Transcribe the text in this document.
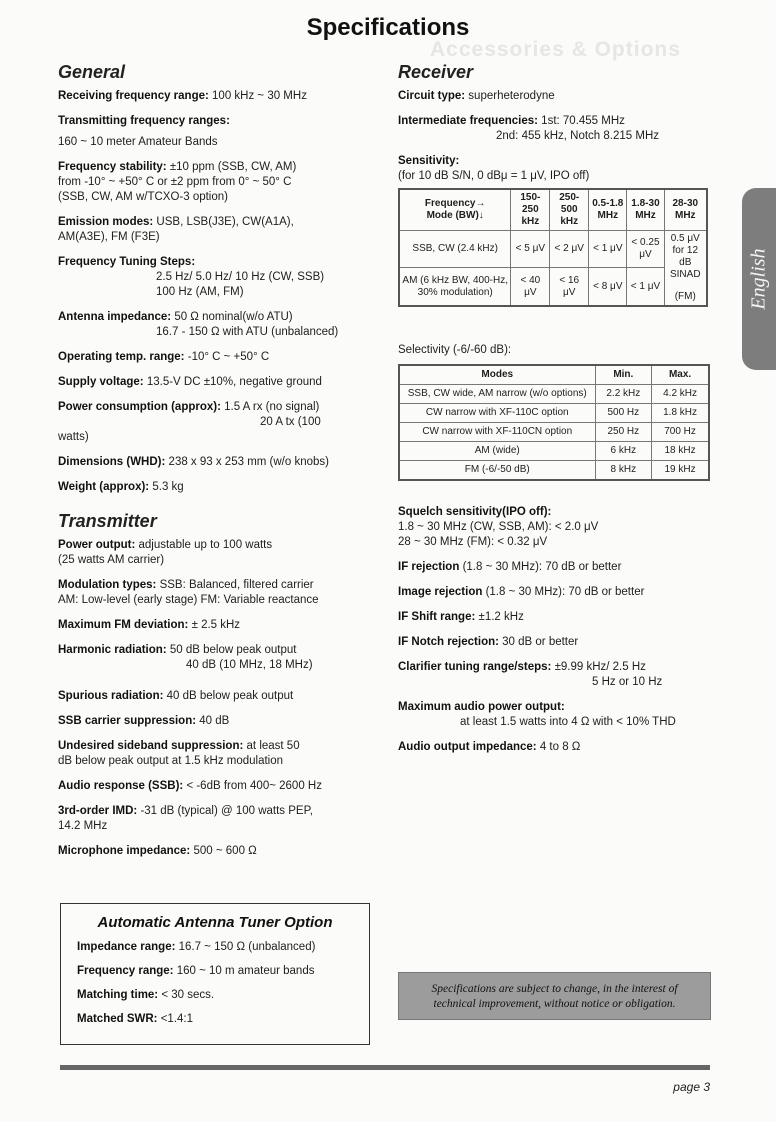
Accessories & Options
Specifications
English
General
Receiving frequency range: 100 kHz ~ 30 MHz
Transmitting frequency ranges:
160 ~ 10 meter Amateur Bands
Frequency stability: ±10 ppm (SSB, CW, AM)
from -10° ~ +50° C or ±2 ppm from 0° ~ 50° C
(SSB, CW, AM w/TCXO-3 option)
Emission modes: USB, LSB(J3E), CW(A1A),
AM(A3E), FM (F3E)
Frequency Tuning Steps:
2.5 Hz/ 5.0 Hz/ 10 Hz (CW, SSB)
100 Hz (AM, FM)
Antenna impedance: 50 Ω nominal(w/o ATU)
16.7 - 150 Ω with ATU (unbalanced)
Operating temp. range: -10° C ~ +50° C
Supply voltage: 13.5-V DC ±10%, negative ground
Power consumption (approx): 1.5 A rx (no signal)
20 A tx (100
watts)
Dimensions (WHD): 238 x 93 x 253 mm (w/o knobs)
Weight (approx): 5.3 kg
Transmitter
Power output: adjustable up to 100 watts
(25 watts AM carrier)
Modulation types: SSB: Balanced, filtered carrier
AM: Low-level (early stage) FM: Variable reactance
Maximum FM deviation: ± 2.5 kHz
Harmonic radiation: 50 dB below peak output
40 dB (10 MHz, 18 MHz)
Spurious radiation: 40 dB below peak output
SSB carrier suppression: 40 dB
Undesired sideband suppression: at least 50
dB below peak output at 1.5 kHz modulation
Audio response (SSB): < -6dB from 400~ 2600 Hz
3rd-order IMD: -31 dB (typical) @ 100 watts PEP,
14.2 MHz
Microphone impedance: 500 ~ 600 Ω
Automatic Antenna Tuner Option
Impedance range: 16.7 ~ 150 Ω (unbalanced)
Frequency range: 160 ~ 10 m amateur bands
Matching time: < 30 secs.
Matched SWR: <1.4:1
Receiver
Circuit type: superheterodyne
Intermediate frequencies: 1st: 70.455 MHz
2nd: 455 kHz, Notch 8.215 MHz
Sensitivity:
(for 10 dB S/N, 0 dBμ = 1 μV, IPO off)
Frequency→
Mode (BW)↓	150-250 kHz	250-500 kHz	0.5-1.8 MHz	1.8-30 MHz	28-30 MHz
SSB, CW (2.4 kHz)	< 5 μV	< 2 μV	< 1 μV	< 0.25 μV	0.5 μV
for 12
dB
SINAD
(FM)

AM (6 kHz BW, 400-Hz, 30% modulation)	< 40 μV	< 16 μV	< 8 μV	< 1 μV	
Selectivity (-6/-60 dB):
Modes	Min.	Max.
SSB, CW wide, AM narrow (w/o options)	2.2 kHz	4.2 kHz
CW narrow with XF-110C option	500 Hz	1.8 kHz
CW narrow with XF-110CN option	250 Hz	700 Hz
AM (wide)	6 kHz	18 kHz
FM (-6/-50 dB)	8 kHz	19 kHz
Squelch sensitivity(IPO off):
1.8 ~ 30 MHz (CW, SSB, AM): < 2.0 μV
28 ~ 30 MHz (FM): < 0.32 μV
IF rejection (1.8 ~ 30 MHz): 70 dB or better
Image rejection (1.8 ~ 30 MHz): 70 dB or better
IF Shift range: ±1.2 kHz
IF Notch rejection: 30 dB or better
Clarifier tuning range/steps: ±9.99 kHz/ 2.5 Hz
5 Hz or 10 Hz
Maximum audio power output:
at least 1.5 watts into 4 Ω with < 10% THD
Audio output impedance: 4 to 8 Ω
Specifications are subject to change, in the interest of
technical improvement, without notice or obligation.
page 3
